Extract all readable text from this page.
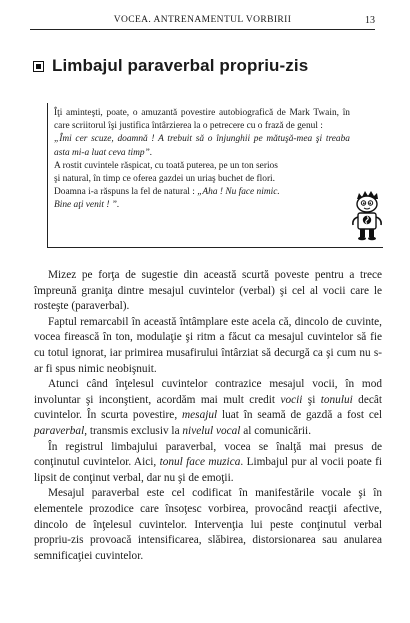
VOCEA. ANTRENAMENTUL VORBIRII	13
Limbajul paraverbal propriu-zis

Îţi aminteşti, poate, o amuzantă povestire autobiografică de Mark Twain, în care scriitorul îşi justifica întârzierea la o petrecere cu o frază de genul :

„Îmi cer scuze, doamnă ! A trebuit să o înjunghii pe mătuşă-mea şi treaba asta mi-a luat ceva timp”.

A rostit cuvintele răspicat, cu toată puterea, pe un ton serios
şi natural, în timp ce oferea gazdei un uriaş buchet de flori.

Doamna i-a răspuns la fel de natural : „Aha ! Nu face nimic.
Bine aţi venit ! ”.

Mizez pe forţa de sugestie din această scurtă poveste pentru a trece împreună graniţa dintre mesajul cuvintelor (verbal) şi cel al vocii care le rosteşte (paraverbal).

Faptul remarcabil în această întâmplare este acela că, dincolo de cuvinte, vocea firească în ton, modulaţie şi ritm a făcut ca mesajul cuvintelor să fie cu totul ignorat, iar primirea musafirului întârziat să decurgă ca şi cum nu s-ar fi spus nimic neobişnuit.

Atunci când înţelesul cuvintelor contrazice mesajul vocii, în mod involuntar şi inconştient, acordăm mai mult credit vocii şi tonului decât cuvintelor. În scurta povestire, mesajul luat în seamă de gazdă a fost cel paraverbal, transmis exclusiv la nivelul vocal al comunicării.

În registrul limbajului paraverbal, vocea se înalţă mai presus de conţinutul cuvintelor. Aici, tonul face muzica. Limbajul pur al vocii poate fi lipsit de conţinut verbal, dar nu şi de emoţii.

Mesajul paraverbal este cel codificat în manifestările vocale şi în elementele prozodice care însoţesc vorbirea, provocând reacţii afective, dincolo de înţelesul cuvintelor. Intervenţia lui peste conţinutul verbal propriu-zis provoacă intensificarea, slăbirea, distorsionarea sau anularea semnificaţiei cuvintelor.
